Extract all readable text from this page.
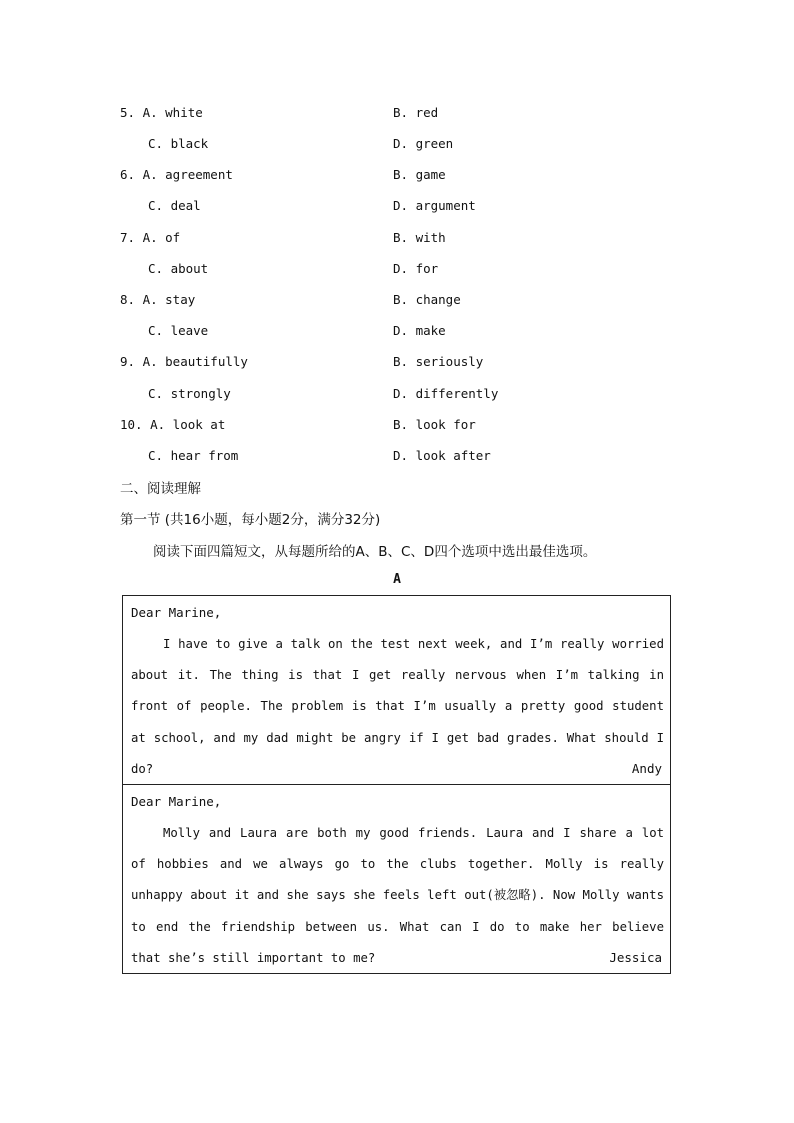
5. A. white	B. red
C. black	D. green
6. A. agreement	B. game
C. deal	D. argument
7. A. of	B. with
C. about	D. for
8. A. stay	B. change
C. leave	D. make
9. A. beautifully	B. seriously
C. strongly	D. differently
10. A. look at	B. look for
C. hear from	D. look after
二、阅读理解
第一节 (共16小题，每小题2分，满分32分)
阅读下面四篇短文，从每题所给的A、B、C、D四个选项中选出最佳选项。
A
Dear Marine,
I have to give a talk on the test next week, and I’m really worried about it. The thing is that I get really nervous when I’m talking in front of people. The problem is that I’m usually a pretty good student at school, and my dad might be angry if I get bad grades. What should I do?	Andy
Dear Marine,
Molly and Laura are both my good friends. Laura and I share a lot of hobbies and we always go to the clubs together. Molly is really unhappy about it and she says she feels left out(被忽略). Now Molly wants to end the friendship between us. What can I do to make her believe that she’s still important to me?	Jessica
